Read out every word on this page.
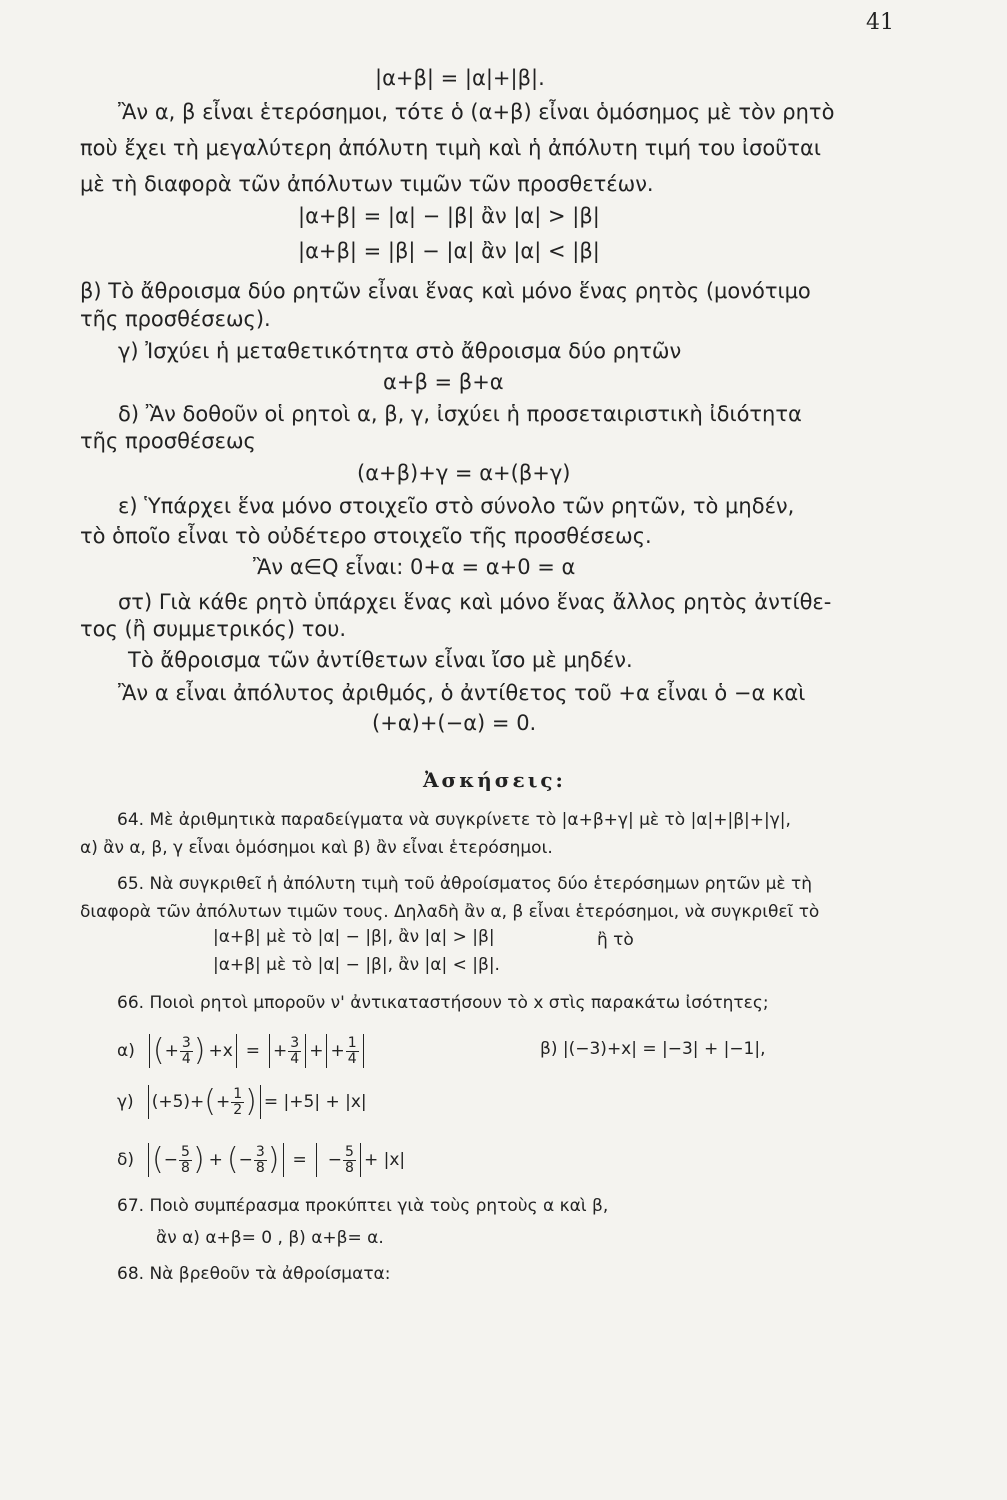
41
|α+β| = |α|+|β|.
Ἂν α, β εἶναι ἑτερόσημοι, τότε ὁ (α+β) εἶναι ὁμόσημος μὲ τὸν ρητὸ
ποὺ ἔχει τὴ μεγαλύτερη ἀπόλυτη τιμὴ καὶ ἡ ἀπόλυτη τιμή του ἰσοῦται
μὲ τὴ διαφορὰ τῶν ἀπόλυτων τιμῶν τῶν προσθετέων.
|α+β| = |α| − |β| ἂν |α| > |β|
|α+β| = |β| − |α| ἂν |α| < |β|
β) Τὸ ἄθροισμα δύο ρητῶν εἶναι ἕνας καὶ μόνο ἕνας ρητὸς (μονότιμο
τῆς προσθέσεως).
γ) Ἰσχύει ἡ μεταθετικότητα στὸ ἄθροισμα δύο ρητῶν
α+β = β+α
δ) Ἂν δοθοῦν οἱ ρητοὶ α, β, γ, ἰσχύει ἡ προσεταιριστικὴ ἰδιότητα
τῆς προσθέσεως
(α+β)+γ = α+(β+γ)
ε) Ὑπάρχει ἕνα μόνο στοιχεῖο στὸ σύνολο τῶν ρητῶν, τὸ μηδέν,
τὸ ὁποῖο εἶναι τὸ οὐδέτερο στοιχεῖο τῆς προσθέσεως.
Ἂν α∈Q εἶναι: 0+α = α+0 = α
στ) Γιὰ κάθε ρητὸ ὑπάρχει ἕνας καὶ μόνο ἕνας ἄλλος ρητὸς ἀντίθε-
τος (ἢ συμμετρικός) του.
Τὸ ἄθροισμα τῶν ἀντίθετων εἶναι ἴσο μὲ μηδέν.
Ἂν α εἶναι ἀπόλυτος ἀριθμός, ὁ ἀντίθετος τοῦ +α εἶναι ὁ −α καὶ
(+α)+(−α) = 0.
Ἀσκήσεις:
64. Μὲ ἀριθμητικὰ παραδείγματα νὰ συγκρίνετε τὸ |α+β+γ| μὲ τὸ |α|+|β|+|γ|,
α) ἂν α, β, γ εἶναι ὁμόσημοι καὶ β) ἂν εἶναι ἑτερόσημοι.
65. Νὰ συγκριθεῖ ἡ ἀπόλυτη τιμὴ τοῦ ἀθροίσματος δύο ἑτερόσημων ρητῶν μὲ τὴ
διαφορὰ τῶν ἀπόλυτων τιμῶν τους. Δηλαδὴ ἂν α, β εἶναι ἑτερόσημοι, νὰ συγκριθεῖ τὸ
|α+β| μὲ τὸ |α| − |β|, ἂν |α| > |β|	ἢ τὸ
|α+β| μὲ τὸ |α| − |β|, ἂν |α| < |β|.
66. Ποιοὶ ρητοὶ μποροῦν ν' ἀντικαταστήσουν τὸ x στὶς παρακάτω ἰσότητες;
α) ( + $\frac{3}{4}$ ) + x = + $\frac{3}{4}$ + + $\frac{1}{4}$	β) |(−3)+x| = |−3| + |−1|,
γ) (+5)+ ( + $\frac{1}{2}$ ) = |+5| + |x|
δ) ( − $\frac{5}{8}$ ) + ( − $\frac{3}{8}$ ) = − $\frac{5}{8} + |x|$
67. Ποιὸ συμπέρασμα προκύπτει γιὰ τοὺς ρητοὺς α καὶ β,
ἂν α) α+β= 0 , β) α+β= α.
68. Νὰ βρεθοῦν τὰ ἀθροίσματα:
